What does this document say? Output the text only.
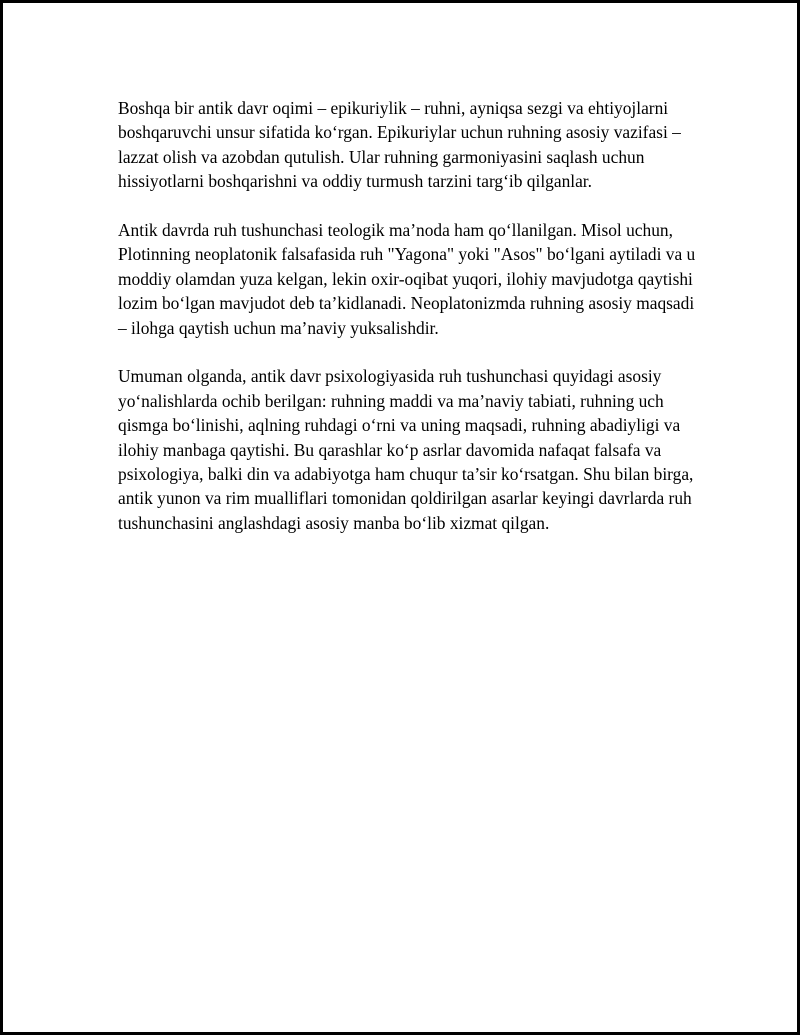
Boshqa bir antik davr oqimi – epikuriylik – ruhni, ayniqsa sezgi va ehtiyojlarni boshqaruvchi unsur sifatida ko‘rgan. Epikuriylar uchun ruhning asosiy vazifasi – lazzat olish va azobdan qutulish. Ular ruhning garmoniyasini saqlash uchun hissiyotlarni boshqarishni va oddiy turmush tarzini targ‘ib qilganlar.

Antik davrda ruh tushunchasi teologik ma’noda ham qo‘llanilgan. Misol uchun, Plotinning neoplatonik falsafasida ruh "Yagona" yoki "Asos" bo‘lgani aytiladi va u moddiy olamdan yuza kelgan, lekin oxir-oqibat yuqori, ilohiy mavjudotga qaytishi lozim bo‘lgan mavjudot deb ta’kidlanadi. Neoplatonizmda ruhning asosiy maqsadi – ilohga qaytish uchun ma’naviy yuksalishdir.

Umuman olganda, antik davr psixologiyasida ruh tushunchasi quyidagi asosiy yo‘nalishlarda ochib berilgan: ruhning maddi va ma’naviy tabiati, ruhning uch qismga bo‘linishi, aqlning ruhdagi o‘rni va uning maqsadi, ruhning abadiyligi va ilohiy manbaga qaytishi. Bu qarashlar ko‘p asrlar davomida nafaqat falsafa va psixologiya, balki din va adabiyotga ham chuqur ta’sir ko‘rsatgan. Shu bilan birga, antik yunon va rim mualliflari tomonidan qoldirilgan asarlar keyingi davrlarda ruh tushunchasini anglashdagi asosiy manba bo‘lib xizmat qilgan.
